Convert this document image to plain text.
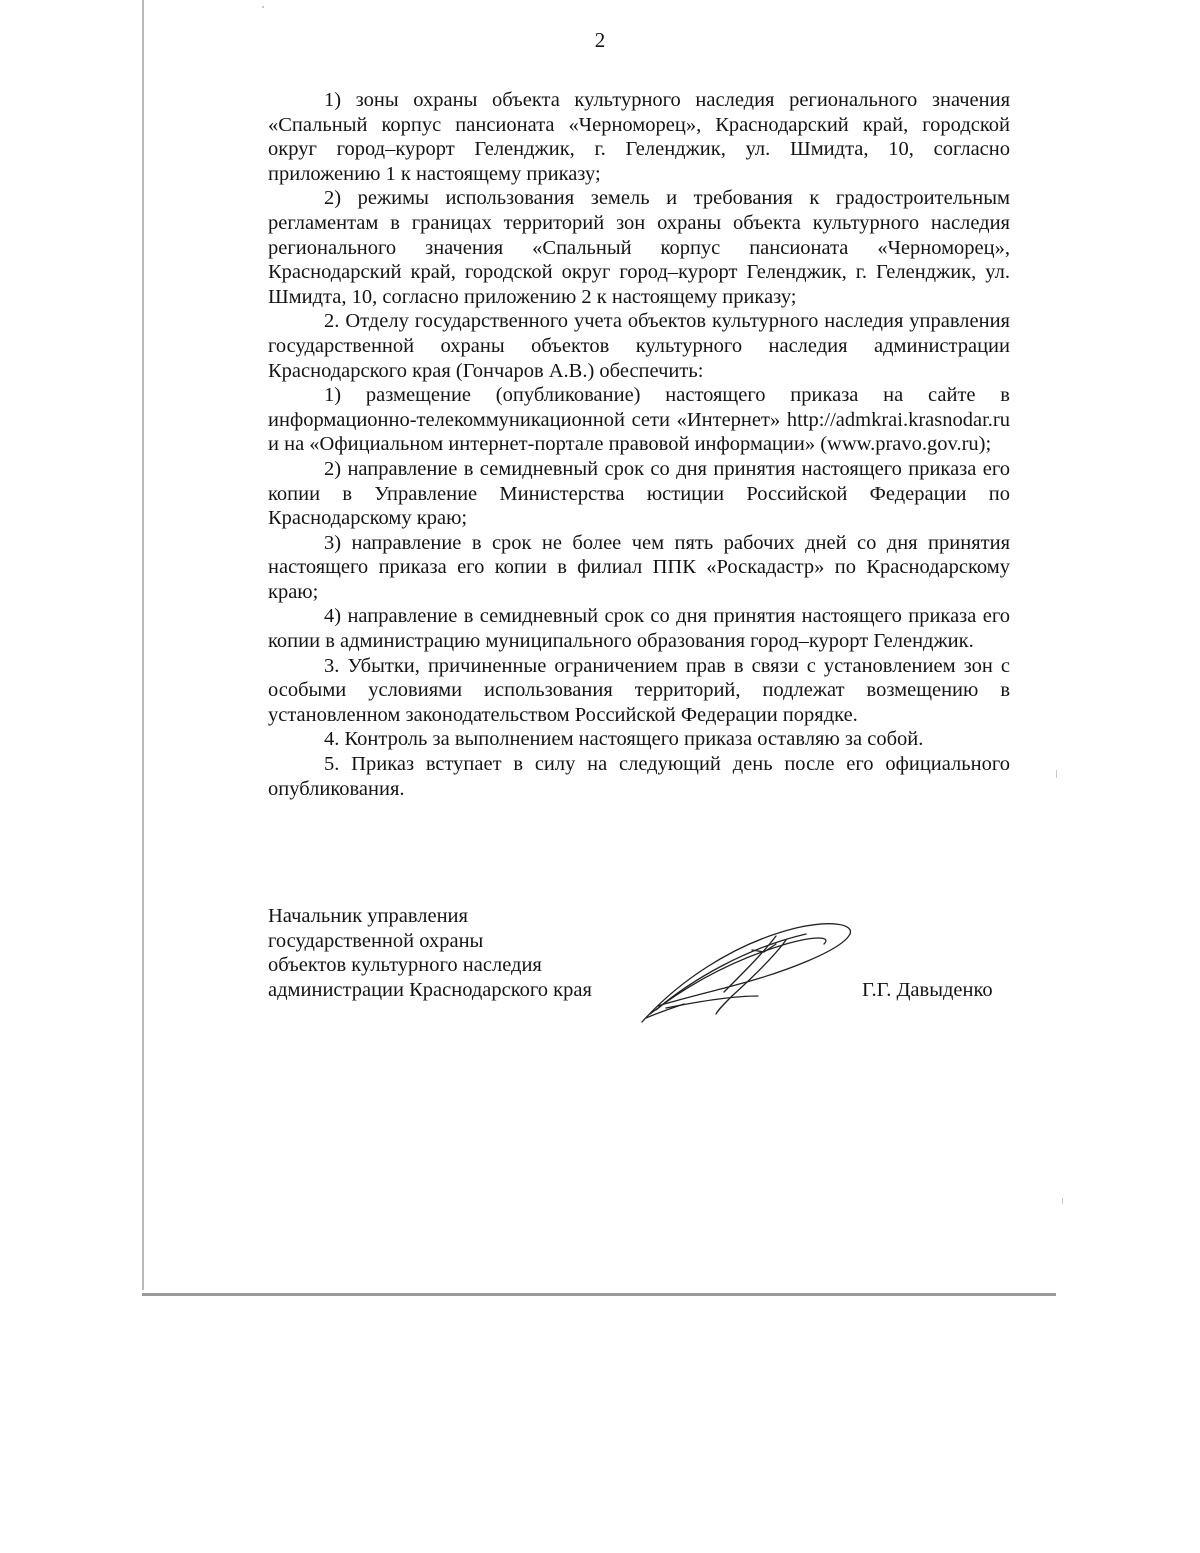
2

1) зоны охраны объекта культурного наследия регионального значения «Спальный корпус пансионата «Черноморец», Краснодарский край, городской округ город–курорт Геленджик, г. Геленджик, ул. Шмидта, 10, согласно приложению 1 к настоящему приказу;

2) режимы использования земель и требования к градостроительным регламентам в границах территорий зон охраны объекта культурного наследия регионального значения «Спальный корпус пансионата «Черноморец», Краснодарский край, городской округ город–курорт Геленджик, г. Геленджик, ул. Шмидта, 10, согласно приложению 2 к настоящему приказу;

2. Отделу государственного учета объектов культурного наследия управления государственной охраны объектов культурного наследия администрации Краснодарского края (Гончаров А.В.) обеспечить:

1) размещение (опубликование) настоящего приказа на сайте в информационно-телекоммуникационной сети «Интернет» http://admkrai.krasnodar.ru и на «Официальном интернет-портале правовой информации» (www.pravo.gov.ru);

2) направление в семидневный срок со дня принятия настоящего приказа его копии в Управление Министерства юстиции Российской Федерации по Краснодарскому краю;

3) направление в срок не более чем пять рабочих дней со дня принятия настоящего приказа его копии в филиал ППК «Роскадастр» по Краснодарскому краю;

4) направление в семидневный срок со дня принятия настоящего приказа его копии в администрацию муниципального образования город–курорт Геленджик.

3. Убытки, причиненные ограничением прав в связи с установлением зон с особыми условиями использования территорий, подлежат возмещению в установленном законодательством Российской Федерации порядке.

4. Контроль за выполнением настоящего приказа оставляю за собой.

5. Приказ вступает в силу на следующий день после его официального опубликования.

Начальник управления
государственной охраны
объектов культурного наследия
администрации Краснодарского края	Г.Г. Давыденко
